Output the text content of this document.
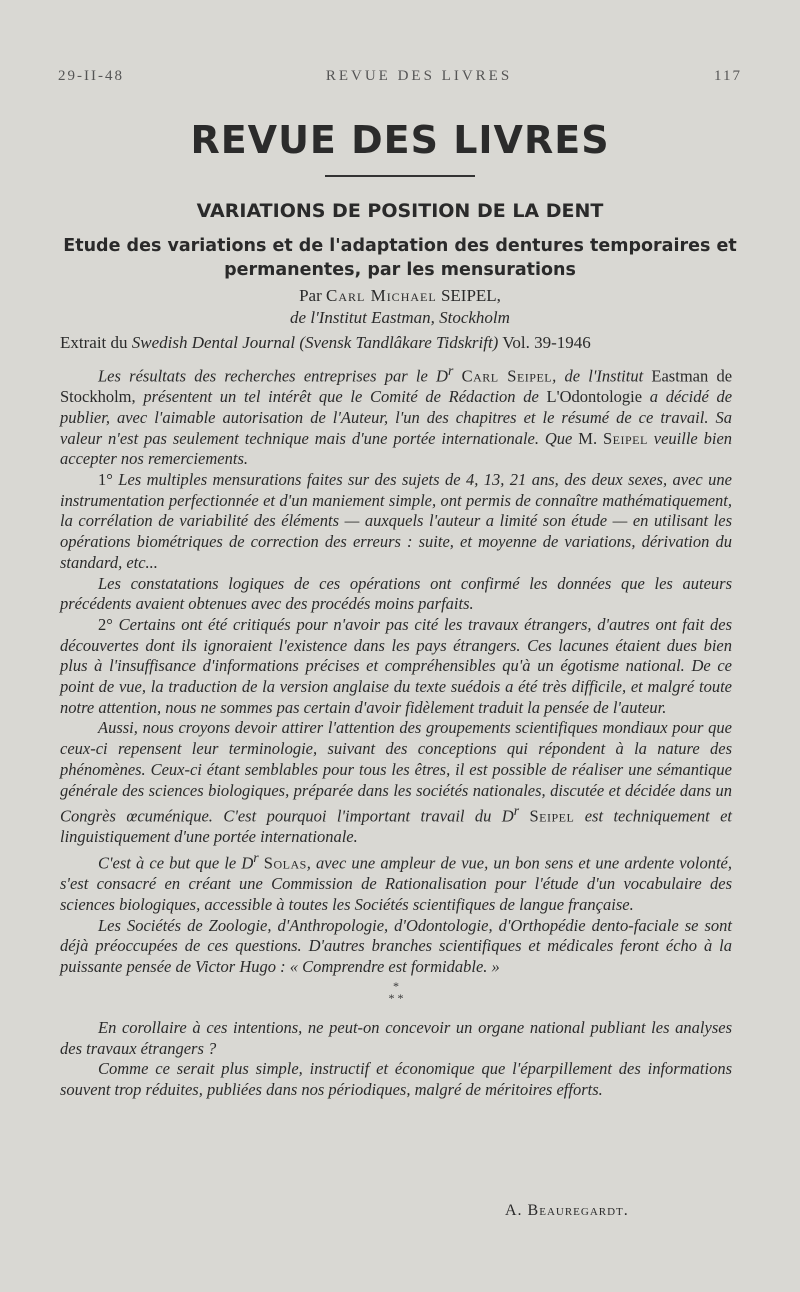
29-II-48	REVUE DES LIVRES	117
REVUE DES LIVRES
VARIATIONS DE POSITION DE LA DENT
Etude des variations et de l'adaptation des dentures temporaires et permanentes, par les mensurations
Par Carl Michael SEIPEL,
de l'Institut Eastman, Stockholm
Extrait du Swedish Dental Journal (Svensk Tandlâkare Tidskrift) Vol. 39-1946

Les résultats des recherches entreprises par le $D^r$ Carl Seipel, de l'Institut Eastman de Stockholm, présentent un tel intérêt que le Comité de Rédaction de L'Odontologie a décidé de publier, avec l'aimable autorisation de l'Auteur, l'un des chapitres et le résumé de ce travail. Sa valeur n'est pas seulement technique mais d'une portée internationale. Que M. Seipel veuille bien accepter nos remerciements.

1° Les multiples mensurations faites sur des sujets de 4, 13, 21 ans, des deux sexes, avec une instrumentation perfectionnée et d'un maniement simple, ont permis de connaître mathématiquement, la corrélation de variabilité des éléments — auxquels l'auteur a limité son étude — en utilisant les opérations biométriques de correction des erreurs : suite, et moyenne de variations, dérivation du standard, etc...

Les constatations logiques de ces opérations ont confirmé les données que les auteurs précédents avaient obtenues avec des procédés moins parfaits.

2° Certains ont été critiqués pour n'avoir pas cité les travaux étrangers, d'autres ont fait des découvertes dont ils ignoraient l'existence dans les pays étrangers. Ces lacunes étaient dues bien plus à l'insuffisance d'informations précises et compréhensibles qu'à un égotisme national. De ce point de vue, la traduction de la version anglaise du texte suédois a été très difficile, et malgré toute notre attention, nous ne sommes pas certain d'avoir fidèlement traduit la pensée de l'auteur.

Aussi, nous croyons devoir attirer l'attention des groupements scientifiques mondiaux pour que ceux-ci repensent leur terminologie, suivant des conceptions qui répondent à la nature des phénomènes. Ceux-ci étant semblables pour tous les êtres, il est possible de réaliser une sémantique générale des sciences biologiques, préparée dans les sociétés nationales, discutée et décidée dans un Congrès œcuménique. C'est pourquoi l'important travail du $D^r$ Seipel est techniquement et linguistiquement d'une portée internationale.

C'est à ce but que le $D^r$ Solas, avec une ampleur de vue, un bon sens et une ardente volonté, s'est consacré en créant une Commission de Rationalisation pour l'étude d'un vocabulaire des sciences biologiques, accessible à toutes les Sociétés scientifiques de langue française.

Les Sociétés de Zoologie, d'Anthropologie, d'Odontologie, d'Orthopédie dento-faciale se sont déjà préoccupées de ces questions. D'autres branches scientifiques et médicales feront écho à la puissante pensée de Victor Hugo : « Comprendre est formidable. »

*
* *

En corollaire à ces intentions, ne peut-on concevoir un organe national publiant les analyses des travaux étrangers ?

Comme ce serait plus simple, instructif et économique que l'éparpillement des informations souvent trop réduites, publiées dans nos périodiques, malgré de méritoires efforts.

A. Beauregardt.
